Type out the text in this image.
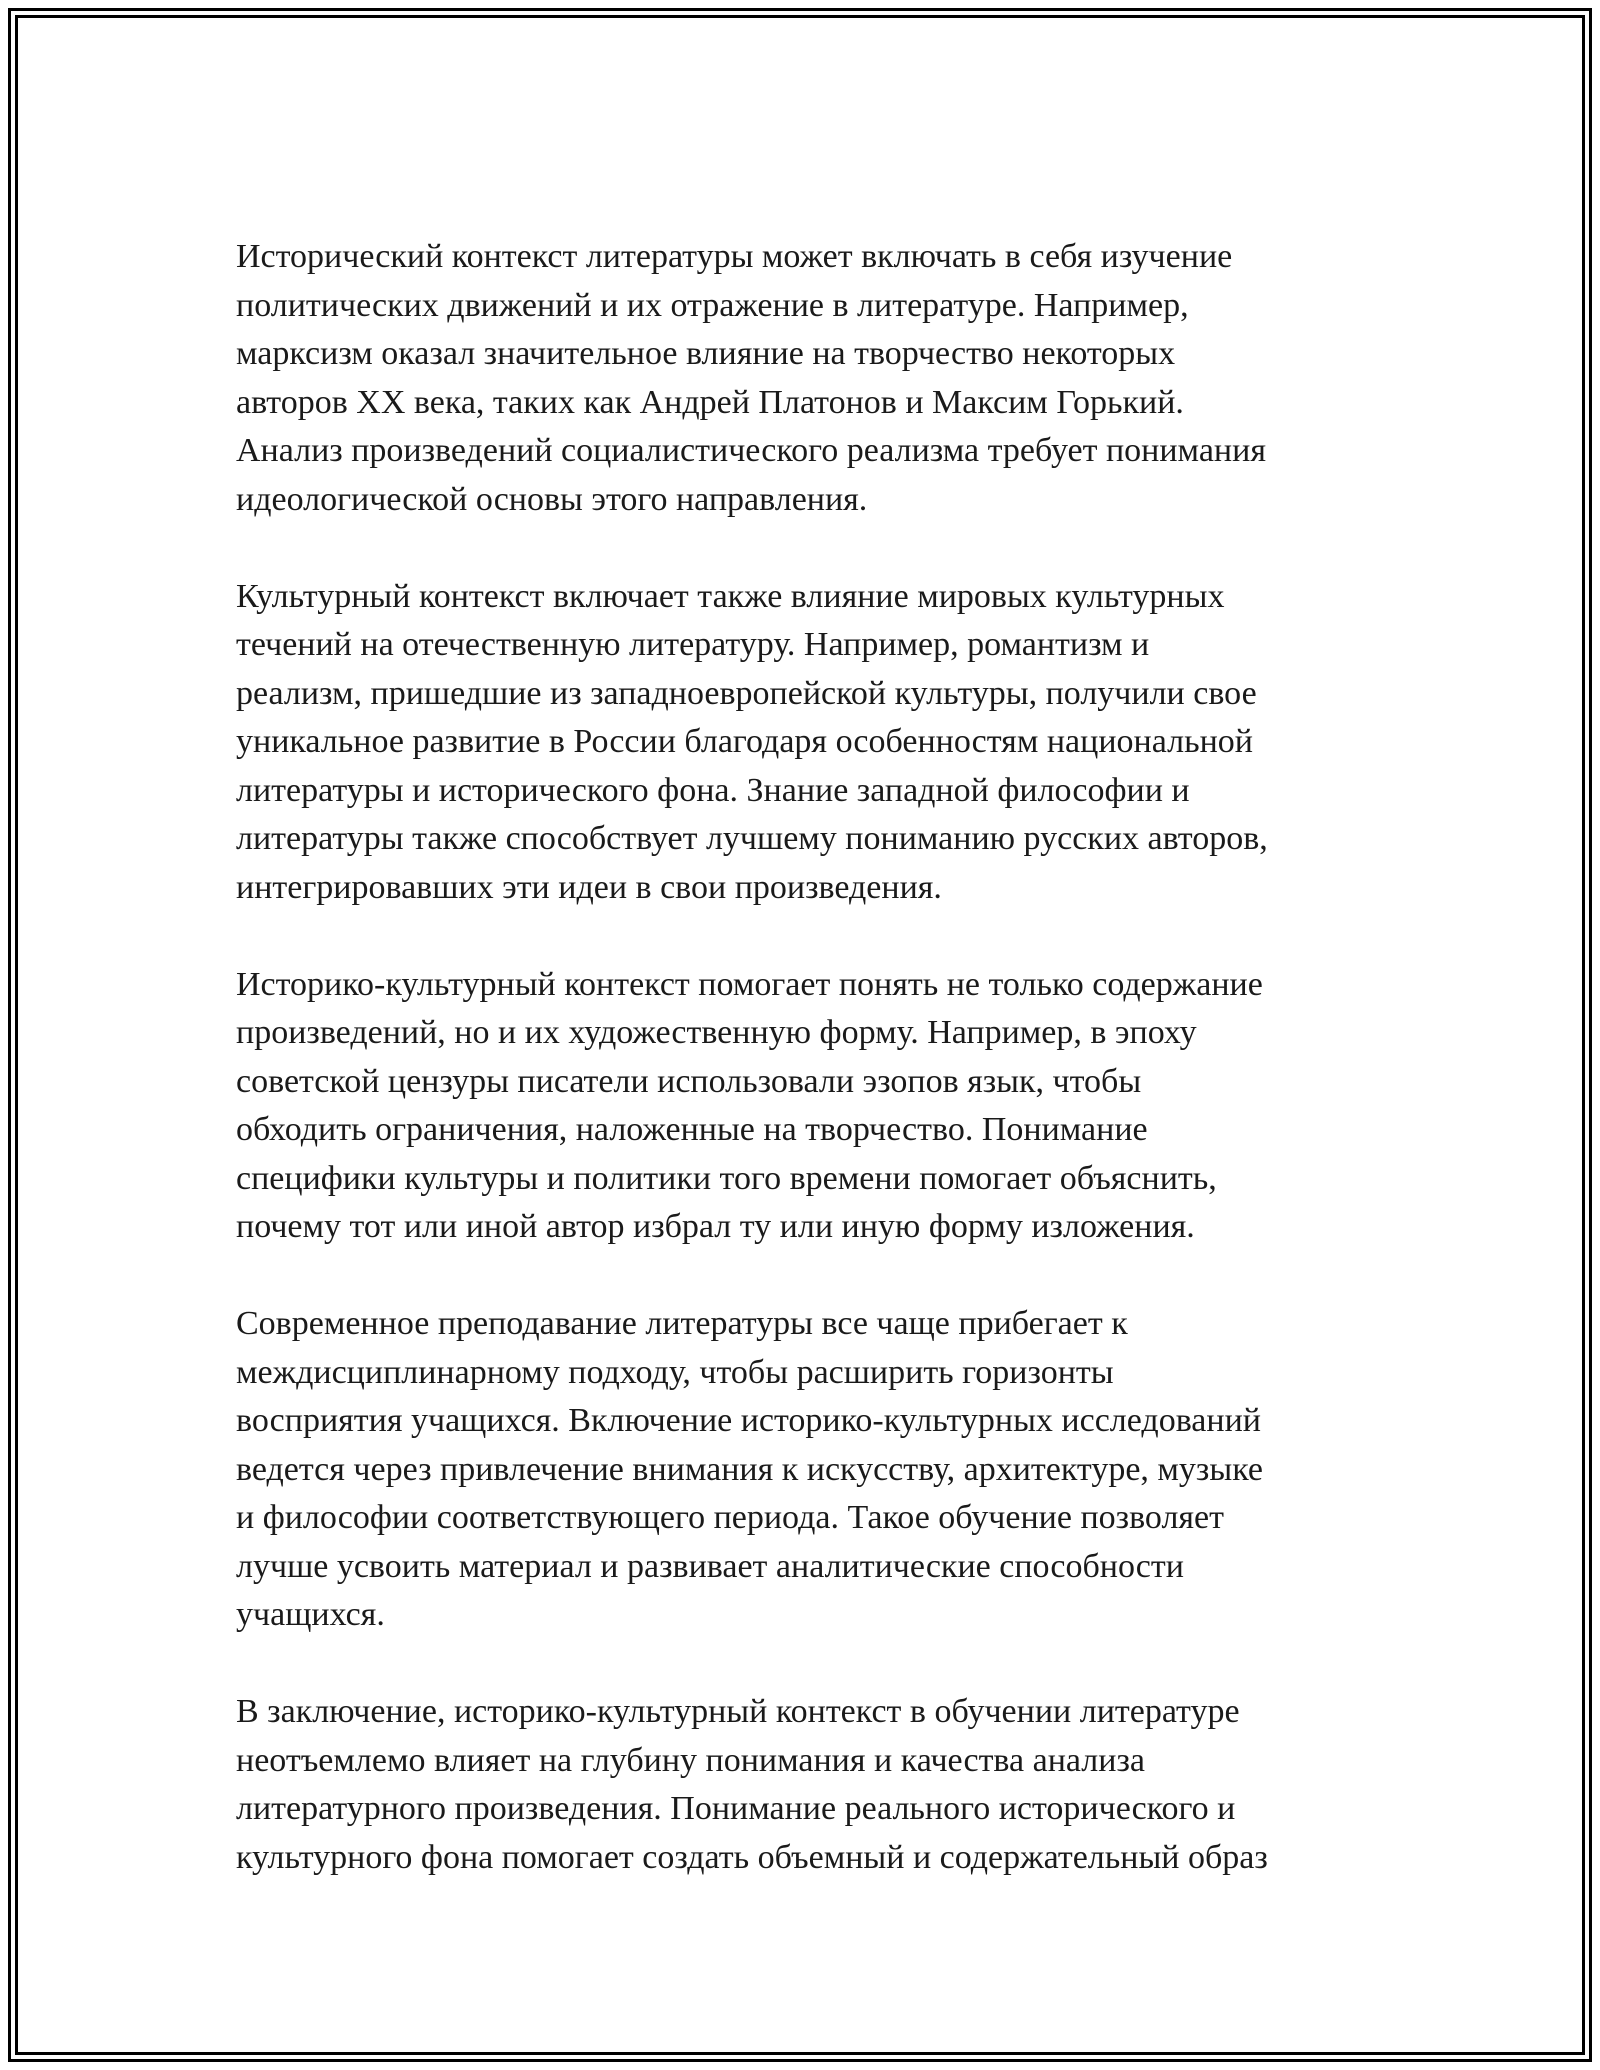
Исторический контекст литературы может включать в себя изучение
политических движений и их отражение в литературе. Например,
марксизм оказал значительное влияние на творчество некоторых
авторов XX века, таких как Андрей Платонов и Максим Горький.
Анализ произведений социалистического реализма требует понимания
идеологической основы этого направления.

Культурный контекст включает также влияние мировых культурных
течений на отечественную литературу. Например, романтизм и
реализм, пришедшие из западноевропейской культуры, получили свое
уникальное развитие в России благодаря особенностям национальной
литературы и исторического фона. Знание западной философии и
литературы также способствует лучшему пониманию русских авторов,
интегрировавших эти идеи в свои произведения.

Историко-культурный контекст помогает понять не только содержание
произведений, но и их художественную форму. Например, в эпоху
советской цензуры писатели использовали эзопов язык, чтобы
обходить ограничения, наложенные на творчество. Понимание
специфики культуры и политики того времени помогает объяснить,
почему тот или иной автор избрал ту или иную форму изложения.

Современное преподавание литературы все чаще прибегает к
междисциплинарному подходу, чтобы расширить горизонты
восприятия учащихся. Включение историко-культурных исследований
ведется через привлечение внимания к искусству, архитектуре, музыке
и философии соответствующего периода. Такое обучение позволяет
лучше усвоить материал и развивает аналитические способности
учащихся.

В заключение, историко-культурный контекст в обучении литературе
неотъемлемо влияет на глубину понимания и качества анализа
литературного произведения. Понимание реального исторического и
культурного фона помогает создать объемный и содержательный образ
